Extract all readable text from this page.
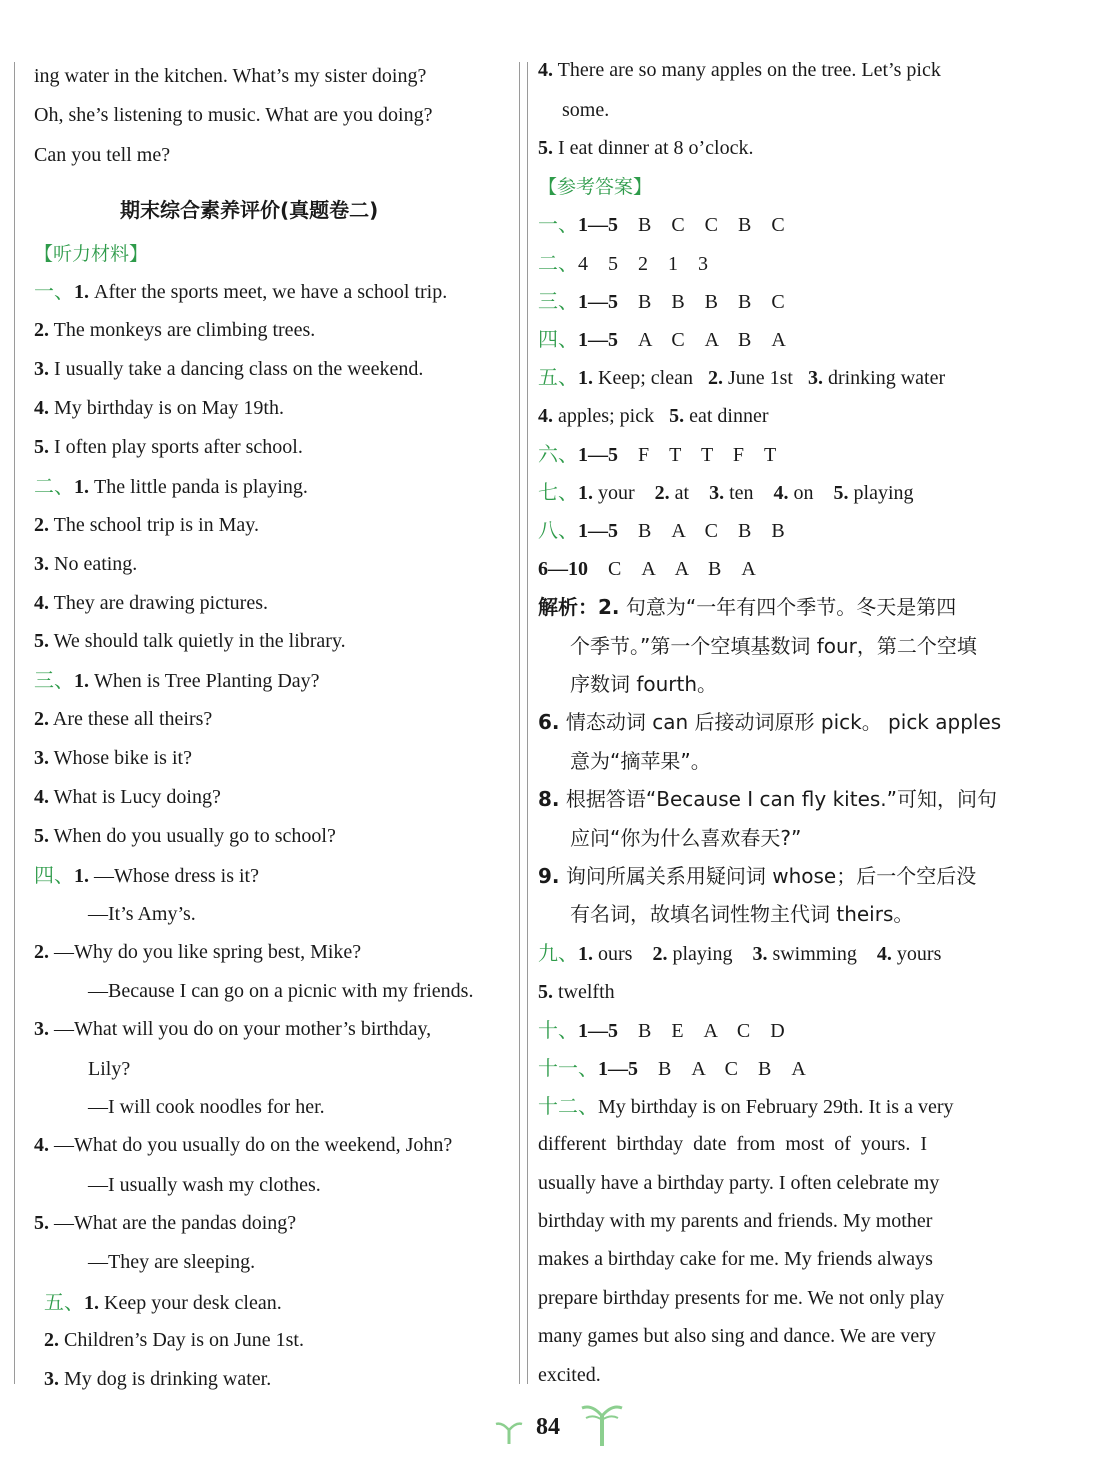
ing water in the kitchen. What’s my sister doing?
Oh, she’s listening to music. What are you doing?
Can you tell me?
期末综合素养评价(真题卷二)
【听力材料】
一、1. After the sports meet, we have a school trip.
2. The monkeys are climbing trees.
3. I usually take a dancing class on the weekend.
4. My birthday is on May 19th.
5. I often play sports after school.
二、1. The little panda is playing.
2. The school trip is in May.
3. No eating.
4. They are drawing pictures.
5. We should talk quietly in the library.
三、1. When is Tree Planting Day?
2. Are these all theirs?
3. Whose bike is it?
4. What is Lucy doing?
5. When do you usually go to school?
四、1. —Whose dress is it?
—It’s Amy’s.
2. —Why do you like spring best, Mike?
—Because I can go on a picnic with my friends.
3. —What will you do on your mother’s birthday,
Lily?
—I will cook noodles for her.
4. —What do you usually do on the weekend, John?
—I usually wash my clothes.
5. —What are the pandas doing?
—They are sleeping.
五、1. Keep your desk clean.
2. Children’s Day is on June 1st.
3. My dog is drinking water.
4. There are so many apples on the tree. Let’s pick
some.
5. I eat dinner at 8 o’clock.
【参考答案】
一、1—5　 B　C　C　B　C
二、4　5　2　1　3
三、1—5　 B　B　B　B　C
四、1—5　 A　C　A　B　A
五、1. Keep; clean 2. June 1st 3. drinking water
4. apples; pick 5. eat dinner
六、1—5　 F　T　T　F　T
七、1. your 2. at 3. ten 4. on 5. playing
八、1—5　 B　A　C　B　B
6—10　 C　A　A　B　A
解析：2. 句意为“一年有四个季节。冬天是第四
个季节。”第一个空填基数词 four，第二个空填
序数词 fourth。
6. 情态动词 can 后接动词原形 pick。 pick apples
意为“摘苹果”。
8. 根据答语“Because I can fly kites.”可知，问句
应问“你为什么喜欢春天?”
9. 询问所属关系用疑问词 whose；后一个空后没
有名词，故填名词性物主代词 theirs。
九、1. ours 2. playing 3. swimming 4. yours
5. twelfth
十、1—5　 B　E　A　C　D
十一、1—5　 B　A　C　B　A
十二、My birthday is on February 29th. It is a very
different  birthday  date  from  most  of  yours.  I
usually have a birthday party. I often celebrate my
birthday with my parents and friends. My mother
makes a birthday cake for me. My friends always
prepare birthday presents for me. We not only play
many games but also sing and dance. We are very
excited.
84
